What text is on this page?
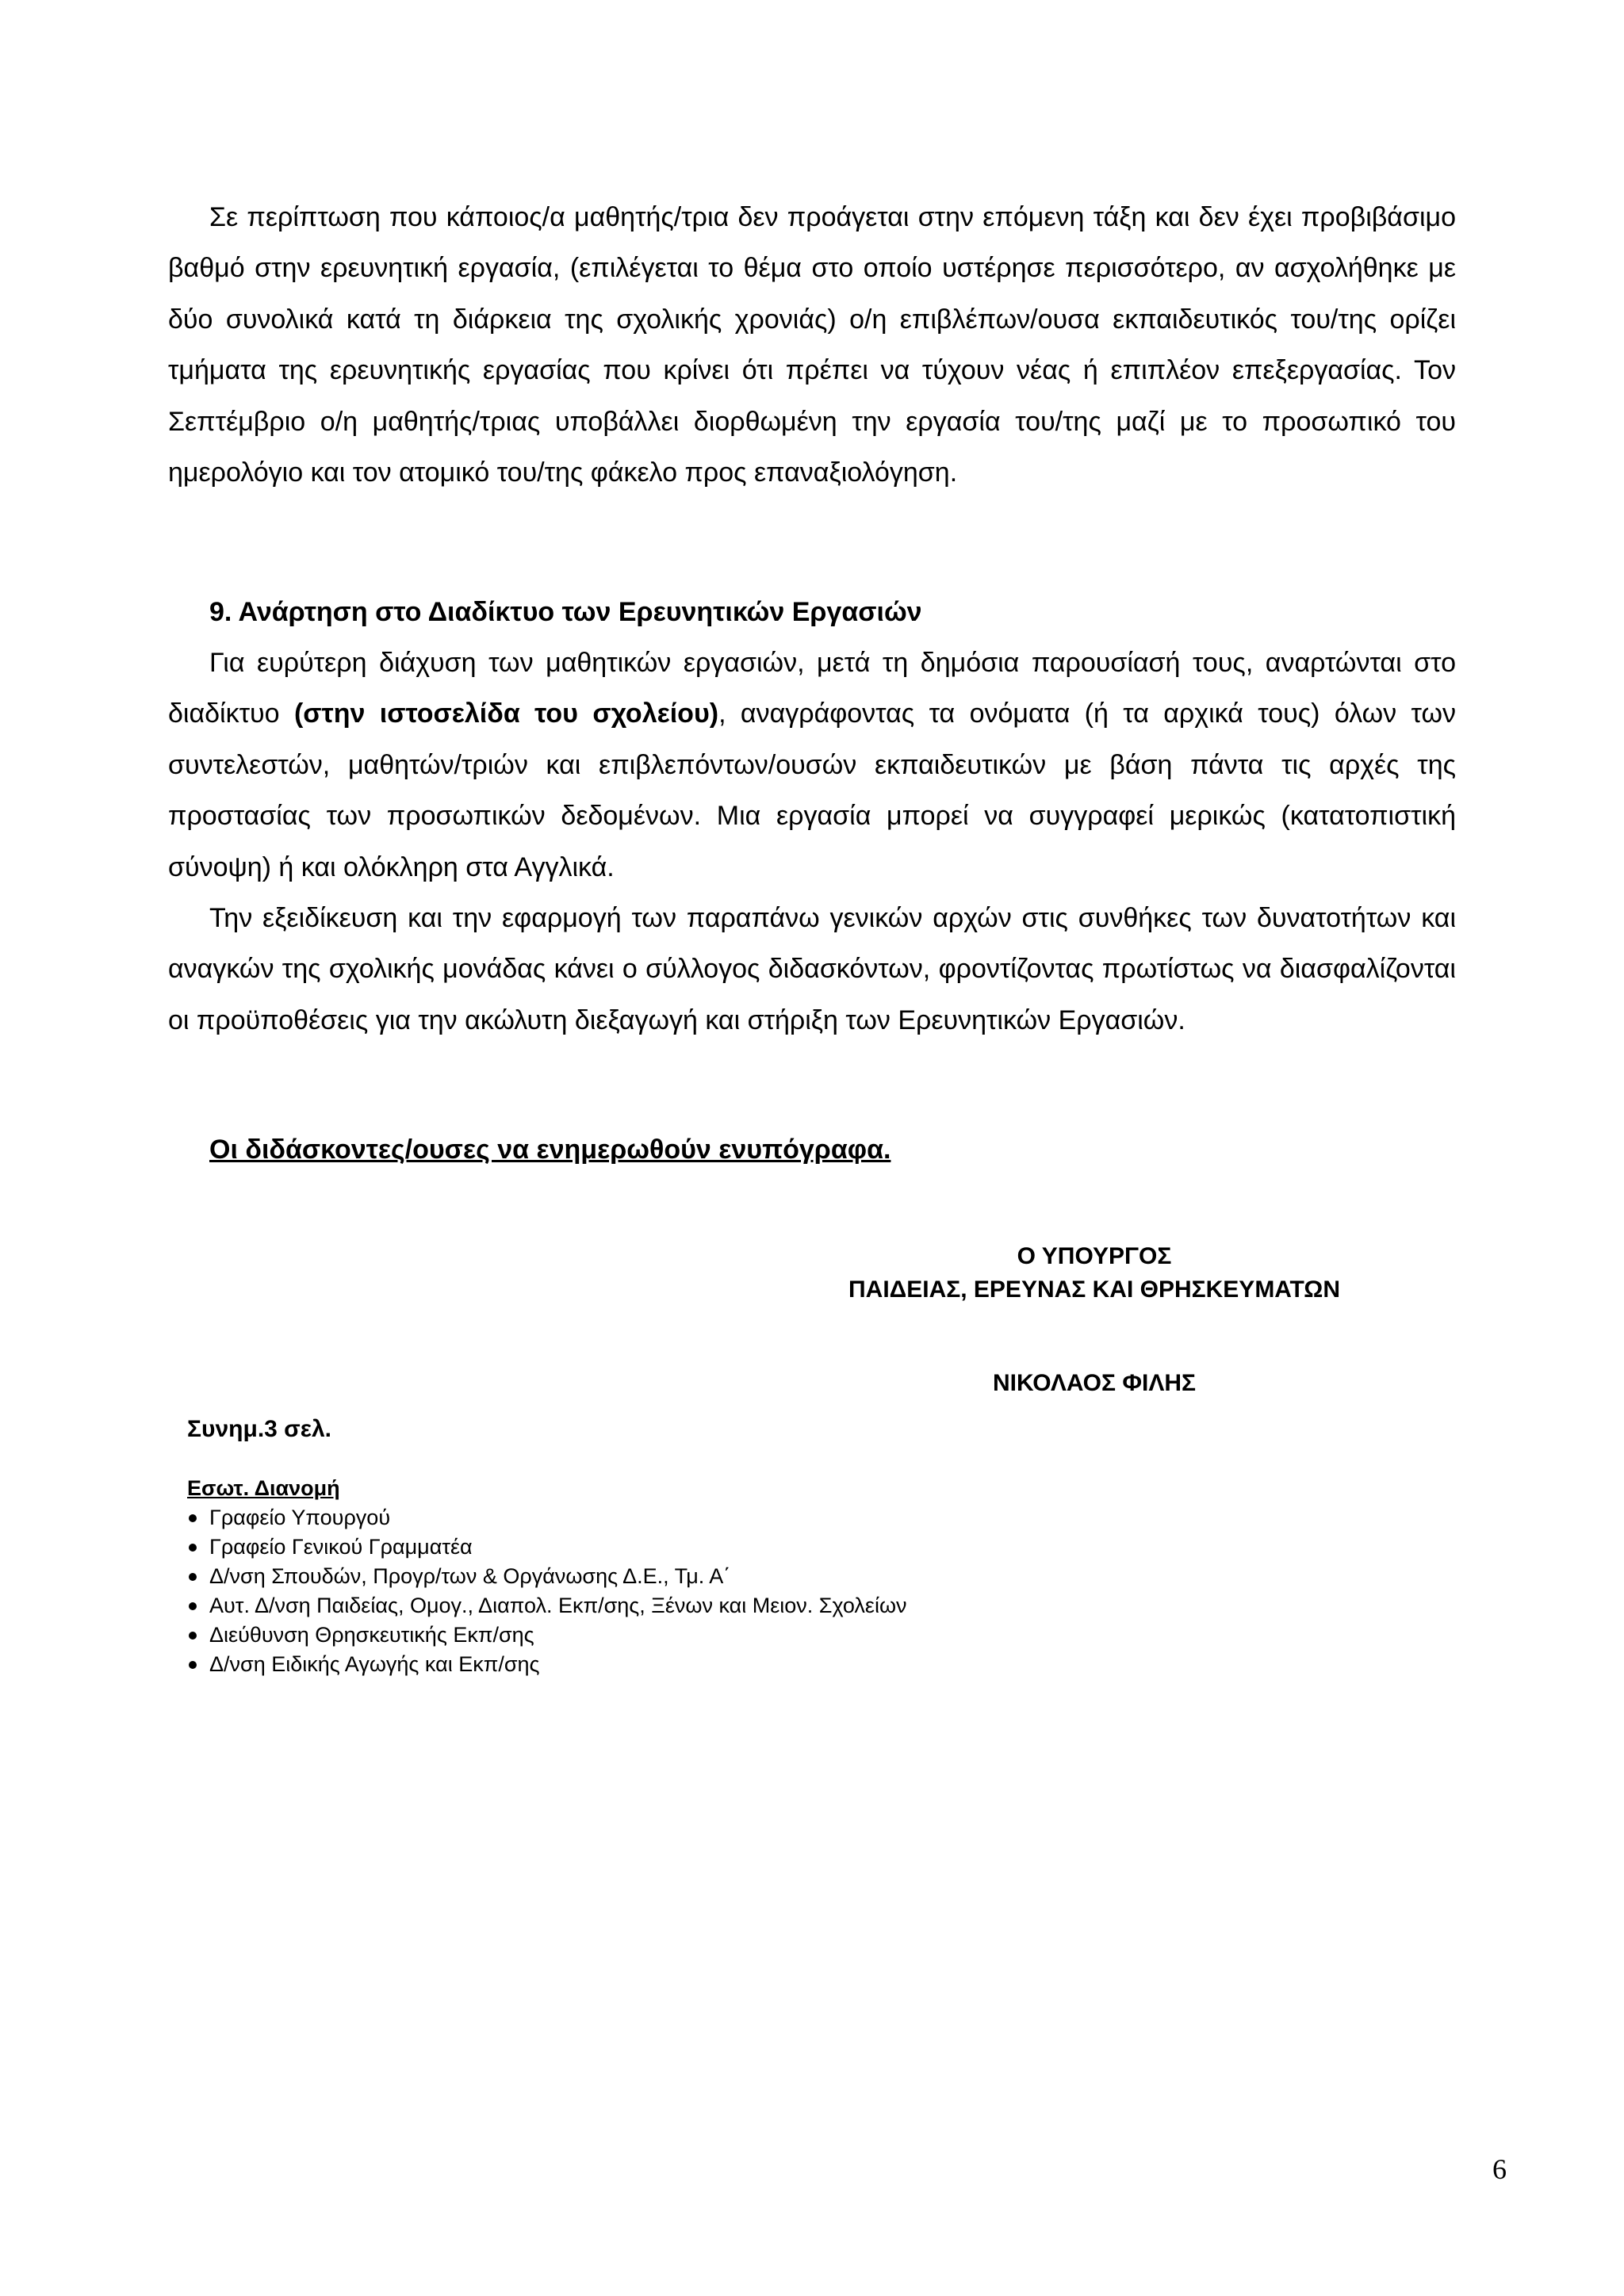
Σε περίπτωση που κάποιος/α μαθητής/τρια δεν προάγεται στην επόμενη τάξη και δεν έχει προβιβάσιμο βαθμό στην ερευνητική εργασία, (επιλέγεται το θέμα στο οποίο υστέρησε περισσότερο, αν ασχολήθηκε με δύο συνολικά κατά τη διάρκεια της σχολικής χρονιάς) ο/η επιβλέπων/ουσα εκπαιδευτικός του/της ορίζει τμήματα της ερευνητικής εργασίας που κρίνει ότι πρέπει να τύχουν νέας ή επιπλέον επεξεργασίας. Τον Σεπτέμβριο ο/η μαθητής/τριας υποβάλλει διορθωμένη την εργασία του/της μαζί με το προσωπικό του ημερολόγιο και τον ατομικό του/της φάκελο προς επαναξιολόγηση.

9. Ανάρτηση στο Διαδίκτυο των Ερευνητικών Εργασιών

Για ευρύτερη διάχυση των μαθητικών εργασιών, μετά τη δημόσια παρουσίασή τους, αναρτώνται στο διαδίκτυο (στην ιστοσελίδα του σχολείου), αναγράφοντας τα ονόματα (ή τα αρχικά τους) όλων των συντελεστών, μαθητών/τριών και επιβλεπόντων/ουσών εκπαιδευτικών με βάση πάντα τις αρχές της προστασίας των προσωπικών δεδομένων. Μια εργασία μπορεί να συγγραφεί μερικώς (κατατοπιστική σύνοψη) ή και ολόκληρη στα Αγγλικά.

Την εξειδίκευση και την εφαρμογή των παραπάνω γενικών αρχών στις συνθήκες των δυνατοτήτων και αναγκών της σχολικής μονάδας κάνει ο σύλλογος διδασκόντων, φροντίζοντας πρωτίστως να διασφαλίζονται οι προϋποθέσεις για την ακώλυτη διεξαγωγή και στήριξη των Ερευνητικών Εργασιών.

Οι διδάσκοντες/ουσες να ενημερωθούν ενυπόγραφα.

Ο ΥΠΟΥΡΓΟΣ

ΠΑΙΔΕΙΑΣ, ΕΡΕΥΝΑΣ ΚΑΙ ΘΡΗΣΚΕΥΜΑΤΩΝ

ΝΙΚΟΛΑΟΣ ΦΙΛΗΣ

Συνημ.3 σελ.

Εσωτ. Διανομή

Γραφείο Υπουργού
Γραφείο Γενικού Γραμματέα
Δ/νση Σπουδών, Προγρ/των & Οργάνωσης Δ.Ε., Τμ. Α΄
Αυτ. Δ/νση Παιδείας, Ομογ., Διαπολ. Εκπ/σης, Ξένων και Μειον. Σχολείων
Διεύθυνση Θρησκευτικής Εκπ/σης
Δ/νση Ειδικής Αγωγής και Εκπ/σης

6
